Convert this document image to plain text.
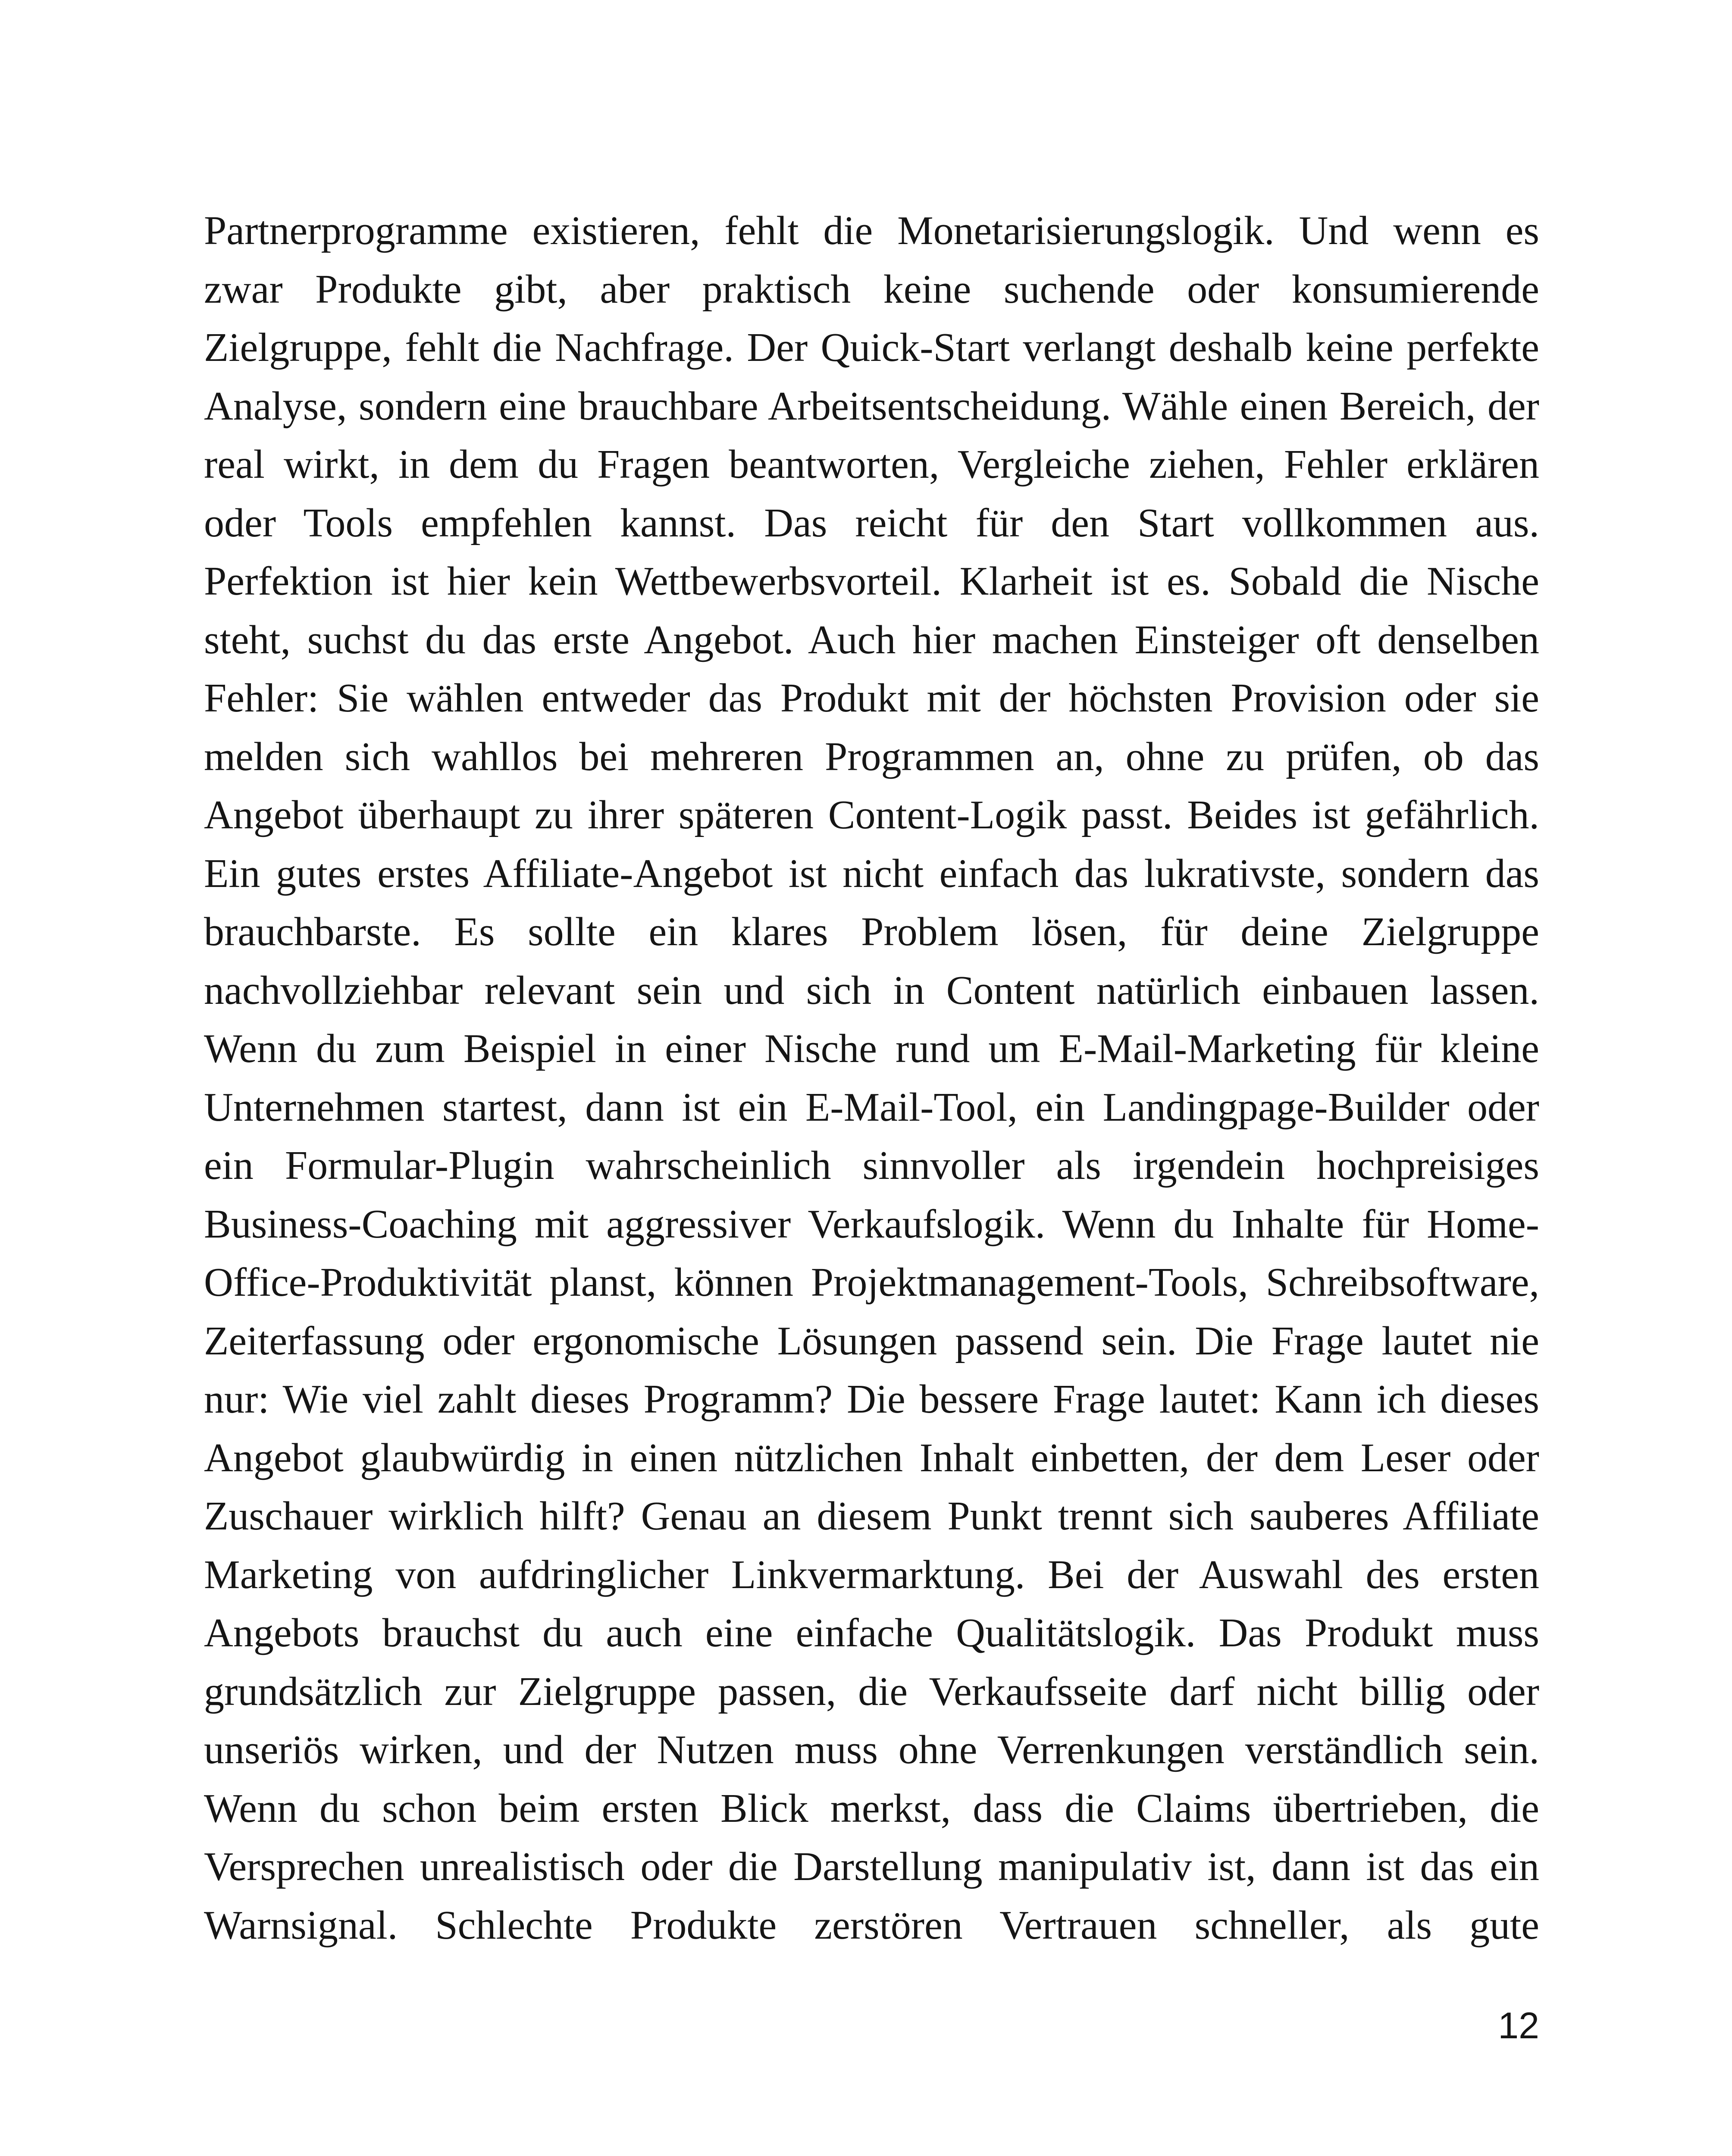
Partnerprogramme existieren, fehlt die Monetarisierungslogik. Und wenn es
zwar Produkte gibt, aber praktisch keine suchende oder konsumierende
Zielgruppe, fehlt die Nachfrage. Der Quick-Start verlangt deshalb keine perfekte
Analyse, sondern eine brauchbare Arbeitsentscheidung. Wähle einen Bereich, der
real wirkt, in dem du Fragen beantworten, Vergleiche ziehen, Fehler erklären
oder Tools empfehlen kannst. Das reicht für den Start vollkommen aus.
Perfektion ist hier kein Wettbewerbsvorteil. Klarheit ist es. Sobald die Nische
steht, suchst du das erste Angebot. Auch hier machen Einsteiger oft denselben
Fehler: Sie wählen entweder das Produkt mit der höchsten Provision oder sie
melden sich wahllos bei mehreren Programmen an, ohne zu prüfen, ob das
Angebot überhaupt zu ihrer späteren Content-Logik passt. Beides ist gefährlich.
Ein gutes erstes Affiliate-Angebot ist nicht einfach das lukrativste, sondern das
brauchbarste. Es sollte ein klares Problem lösen, für deine Zielgruppe
nachvollziehbar relevant sein und sich in Content natürlich einbauen lassen.
Wenn du zum Beispiel in einer Nische rund um E-Mail-Marketing für kleine
Unternehmen startest, dann ist ein E-Mail-Tool, ein Landingpage-Builder oder
ein Formular-Plugin wahrscheinlich sinnvoller als irgendein hochpreisiges
Business-Coaching mit aggressiver Verkaufslogik. Wenn du Inhalte für Home-
Office-Produktivität planst, können Projektmanagement-Tools, Schreibsoftware,
Zeiterfassung oder ergonomische Lösungen passend sein. Die Frage lautet nie
nur: Wie viel zahlt dieses Programm? Die bessere Frage lautet: Kann ich dieses
Angebot glaubwürdig in einen nützlichen Inhalt einbetten, der dem Leser oder
Zuschauer wirklich hilft? Genau an diesem Punkt trennt sich sauberes Affiliate
Marketing von aufdringlicher Linkvermarktung. Bei der Auswahl des ersten
Angebots brauchst du auch eine einfache Qualitätslogik. Das Produkt muss
grundsätzlich zur Zielgruppe passen, die Verkaufsseite darf nicht billig oder
unseriös wirken, und der Nutzen muss ohne Verrenkungen verständlich sein.
Wenn du schon beim ersten Blick merkst, dass die Claims übertrieben, die
Versprechen unrealistisch oder die Darstellung manipulativ ist, dann ist das ein
Warnsignal. Schlechte Produkte zerstören Vertrauen schneller, als gute
12
